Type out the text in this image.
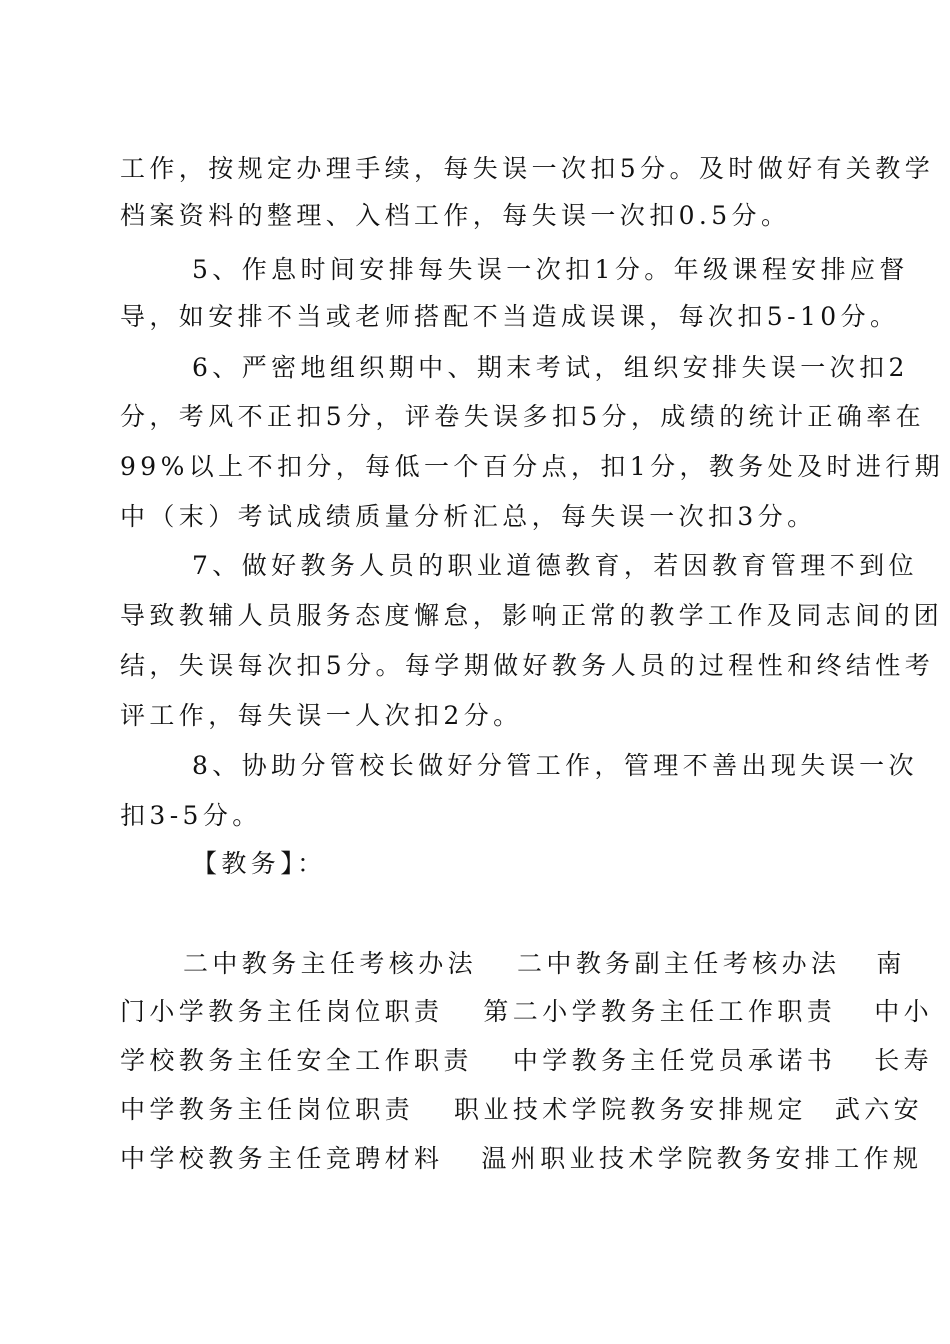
工作，按规定办理手续，每失误一次扣5分。及时做好有关教学
档案资料的整理、入档工作，每失误一次扣0.5分。
5、作息时间安排每失误一次扣1分。年级课程安排应督
导，如安排不当或老师搭配不当造成误课，每次扣5-10分。
6、严密地组织期中、期末考试，组织安排失误一次扣2
分，考风不正扣5分，评卷失误多扣5分，成绩的统计正确率在
99%以上不扣分，每低一个百分点，扣1分，教务处及时进行期
中（末）考试成绩质量分析汇总，每失误一次扣3分。
7、做好教务人员的职业道德教育，若因教育管理不到位
导致教辅人员服务态度懈怠，影响正常的教学工作及同志间的团
结，失误每次扣5分。每学期做好教务人员的过程性和终结性考
评工作，每失误一人次扣2分。
8、协助分管校长做好分管工作，管理不善出现失误一次
扣3-5分。
【教务】：
二中教务主任考核办法 二中教务副主任考核办法 南
门小学教务主任岗位职责 第二小学教务主任工作职责 中小
学校教务主任安全工作职责 中学教务主任党员承诺书 长寿
中学教务主任岗位职责 职业技术学院教务安排规定 武六安
中学校教务主任竞聘材料 温州职业技术学院教务安排工作规
